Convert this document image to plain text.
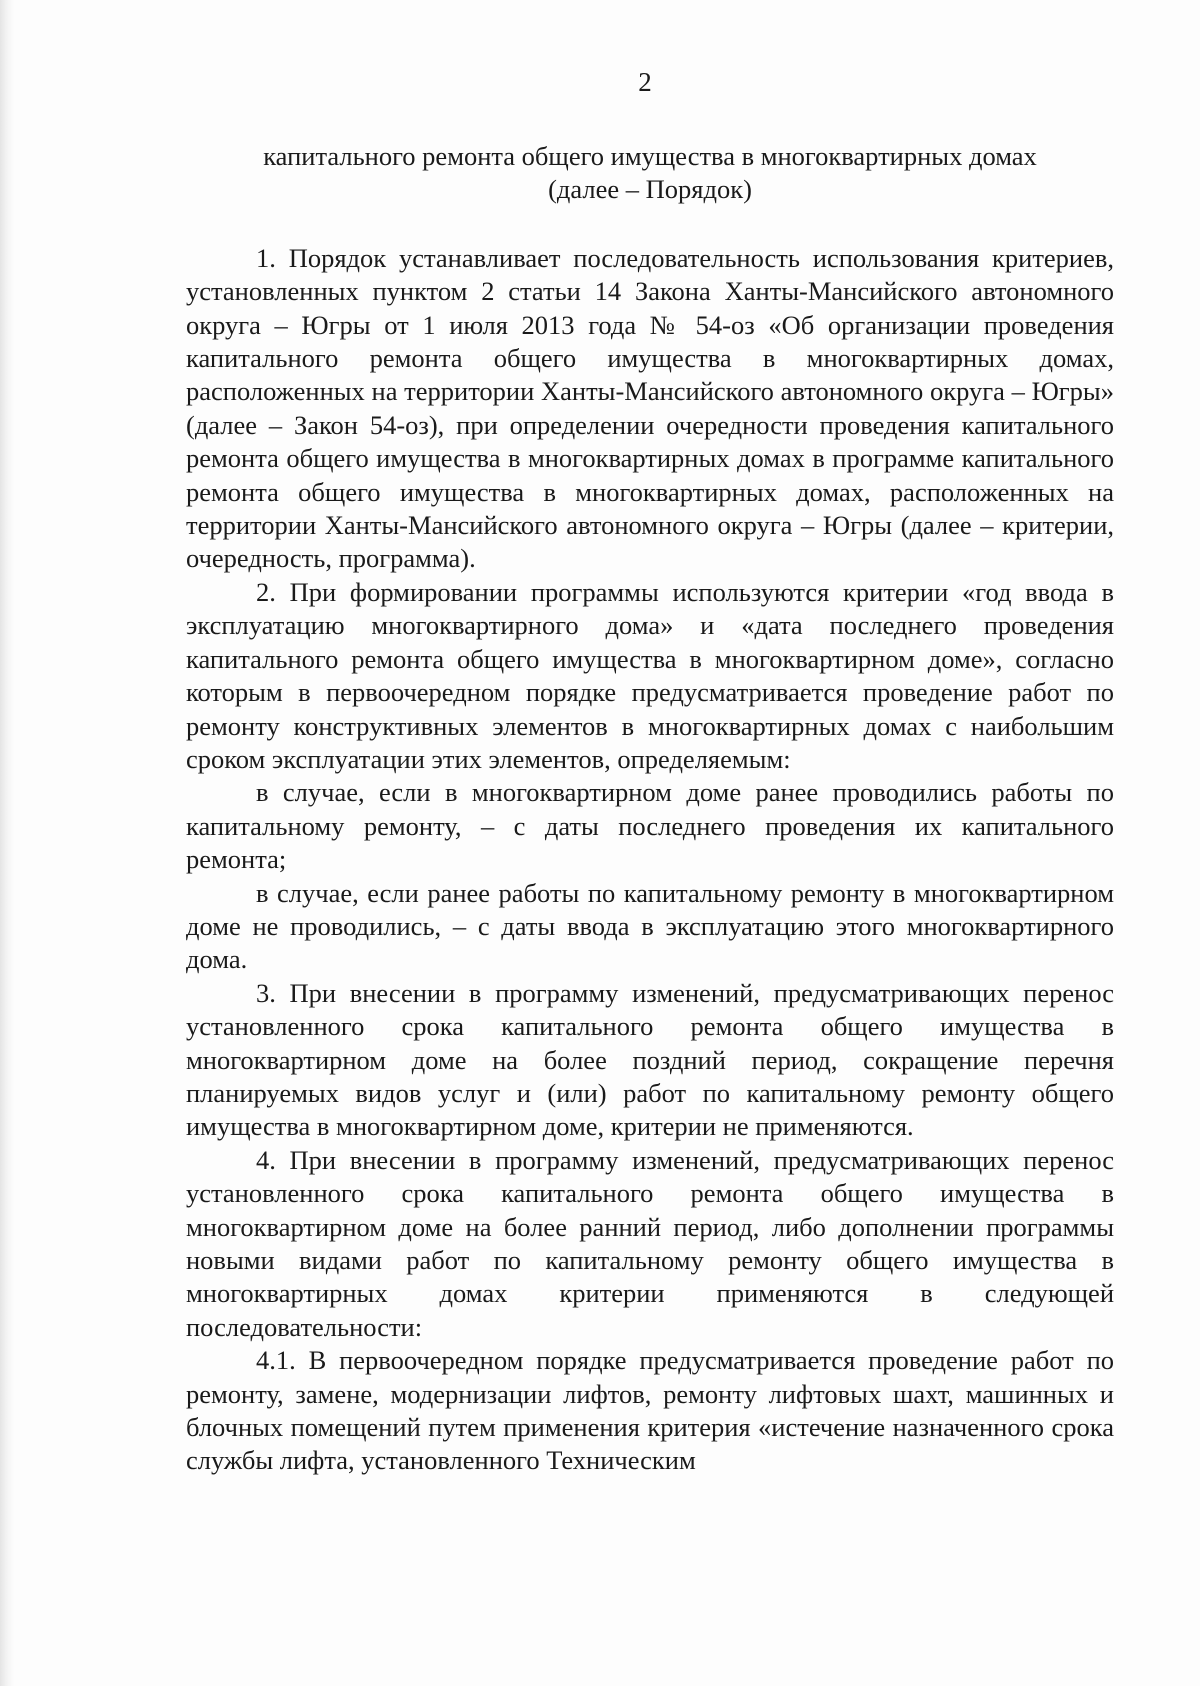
2
капитального ремонта общего имущества в многоквартирных домах
(далее – Порядок)

1. Порядок устанавливает последовательность использования критериев, установленных пунктом 2 статьи 14 Закона Ханты-Мансийского автономного округа – Югры от 1 июля 2013 года № 54-оз «Об организации проведения капитального ремонта общего имущества в многоквартирных домах, расположенных на территории Ханты-Мансийского автономного округа – Югры» (далее – Закон 54-оз), при определении очередности проведения капитального ремонта общего имущества в многоквартирных домах в программе капитального ремонта общего имущества в многоквартирных домах, расположенных на территории Ханты-Мансийского автономного округа – Югры (далее – критерии, очередность, программа).

2. При формировании программы используются критерии «год ввода в эксплуатацию многоквартирного дома» и «дата последнего проведения капитального ремонта общего имущества в многоквартирном доме», согласно которым в первоочередном порядке предусматривается проведение работ по ремонту конструктивных элементов в многоквартирных домах с наибольшим сроком эксплуатации этих элементов, определяемым:

в случае, если в многоквартирном доме ранее проводились работы по капитальному ремонту, – с даты последнего проведения их капитального ремонта;

в случае, если ранее работы по капитальному ремонту в многоквартирном доме не проводились, – с даты ввода в эксплуатацию этого многоквартирного дома.

3. При внесении в программу изменений, предусматривающих перенос установленного срока капитального ремонта общего имущества в многоквартирном доме на более поздний период, сокращение перечня планируемых видов услуг и (или) работ по капитальному ремонту общего имущества в многоквартирном доме, критерии не применяются.

4. При внесении в программу изменений, предусматривающих перенос установленного срока капитального ремонта общего имущества в многоквартирном доме на более ранний период, либо дополнении программы новыми видами работ по капитальному ремонту общего имущества в многоквартирных домах критерии применяются в следующей последовательности:

4.1. В первоочередном порядке предусматривается проведение работ по ремонту, замене, модернизации лифтов, ремонту лифтовых шахт, машинных и блочных помещений путем применения критерия «истечение назначенного срока службы лифта, установленного Техническим
